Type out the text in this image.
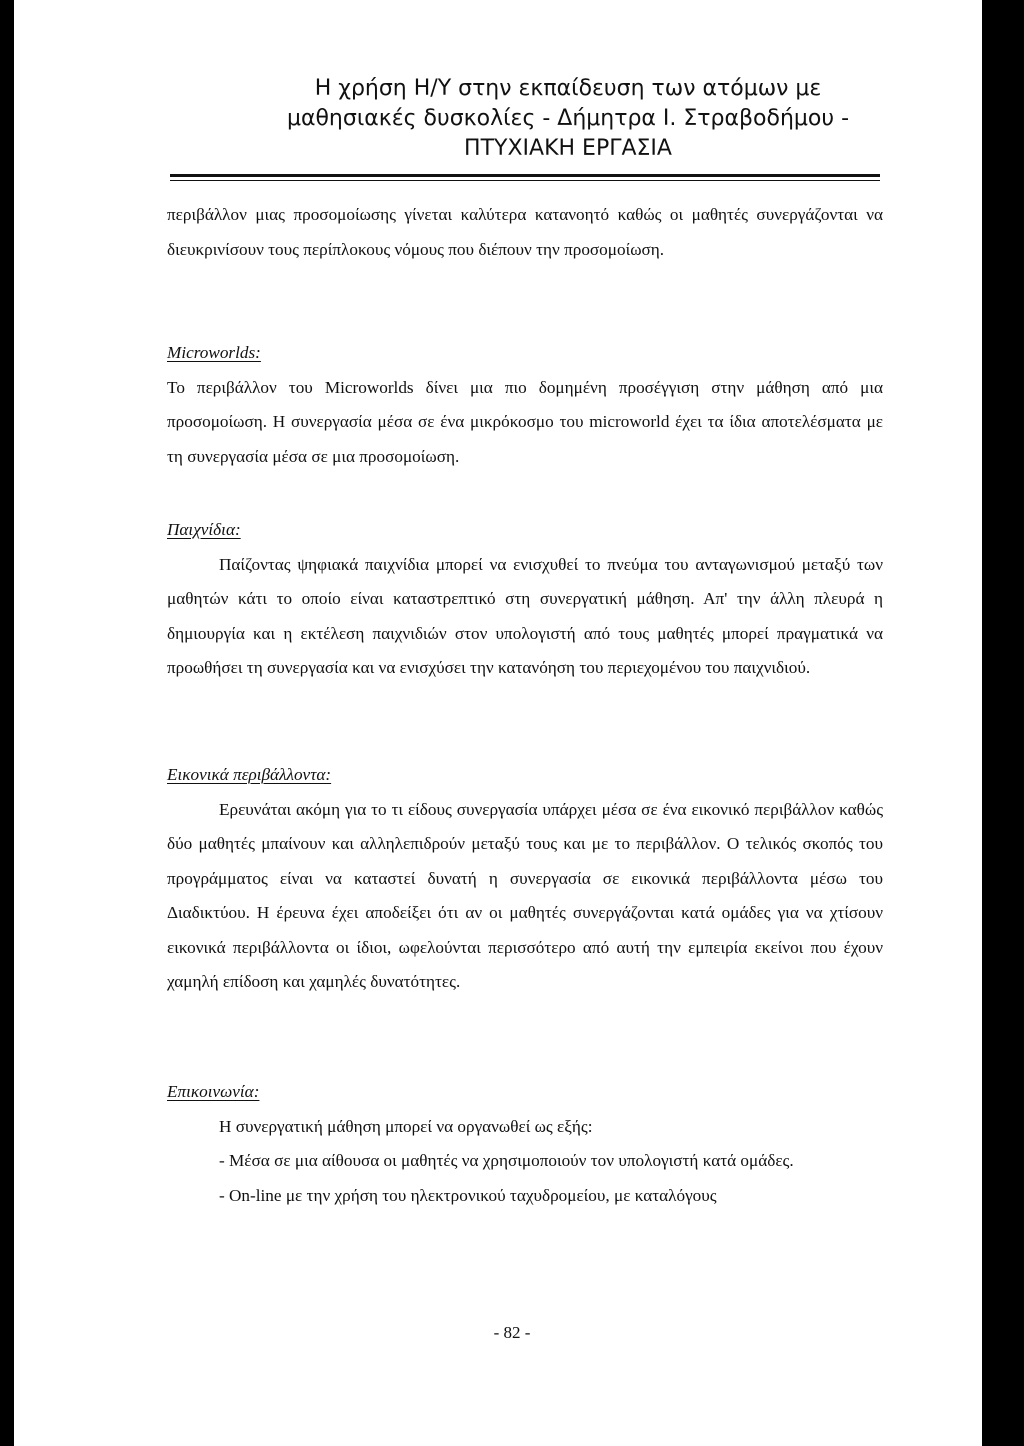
Η χρήση Η/Υ στην εκπαίδευση των ατόμων με
μαθησιακές δυσκολίες - Δήμητρα Ι. Στραβοδήμου -
ΠΤΥΧΙΑΚΗ ΕΡΓΑΣΙΑ

περιβάλλον μιας προσομοίωσης γίνεται καλύτερα κατανοητό καθώς οι μαθητές συνεργάζονται να διευκρινίσουν τους περίπλοκους νόμους που διέπουν την προσομοίωση.

Microworlds:

Το περιβάλλον του Microworlds δίνει μια πιο δομημένη προσέγγιση στην μάθηση από μια προσομοίωση. Η συνεργασία μέσα σε ένα μικρόκοσμο του microworld έχει τα ίδια αποτελέσματα με τη συνεργασία μέσα σε μια προσομοίωση.

Παιχνίδια:

Παίζοντας ψηφιακά παιχνίδια μπορεί να ενισχυθεί το πνεύμα του ανταγωνισμού μεταξύ των μαθητών κάτι το οποίο είναι καταστρεπτικό στη συνεργατική μάθηση. Απ' την άλλη πλευρά η δημιουργία και η εκτέλεση παιχνιδιών στον υπολογιστή από τους μαθητές μπορεί πραγματικά να προωθήσει τη συνεργασία και να ενισχύσει την κατανόηση του περιεχομένου του παιχνιδιού.

Εικονικά περιβάλλοντα:

Ερευνάται ακόμη για το τι είδους συνεργασία υπάρχει μέσα σε ένα εικονικό περιβάλλον καθώς δύο μαθητές μπαίνουν και αλληλεπιδρούν μεταξύ τους και με το περιβάλλον. Ο τελικός σκοπός του προγράμματος είναι να καταστεί δυνατή η συνεργασία σε εικονικά περιβάλλοντα μέσω του Διαδικτύου. Η έρευνα έχει αποδείξει ότι αν οι μαθητές συνεργάζονται κατά ομάδες για να χτίσουν εικονικά περιβάλλοντα οι ίδιοι, ωφελούνται περισσότερο από αυτή την εμπειρία εκείνοι που έχουν χαμηλή επίδοση και χαμηλές δυνατότητες.

Επικοινωνία:

Η συνεργατική μάθηση μπορεί να οργανωθεί ως εξής:

- Μέσα σε μια αίθουσα οι μαθητές να χρησιμοποιούν τον υπολογιστή κατά ομάδες.

- On-line με την χρήση του ηλεκτρονικού ταχυδρομείου, με καταλόγους

- 82 -
